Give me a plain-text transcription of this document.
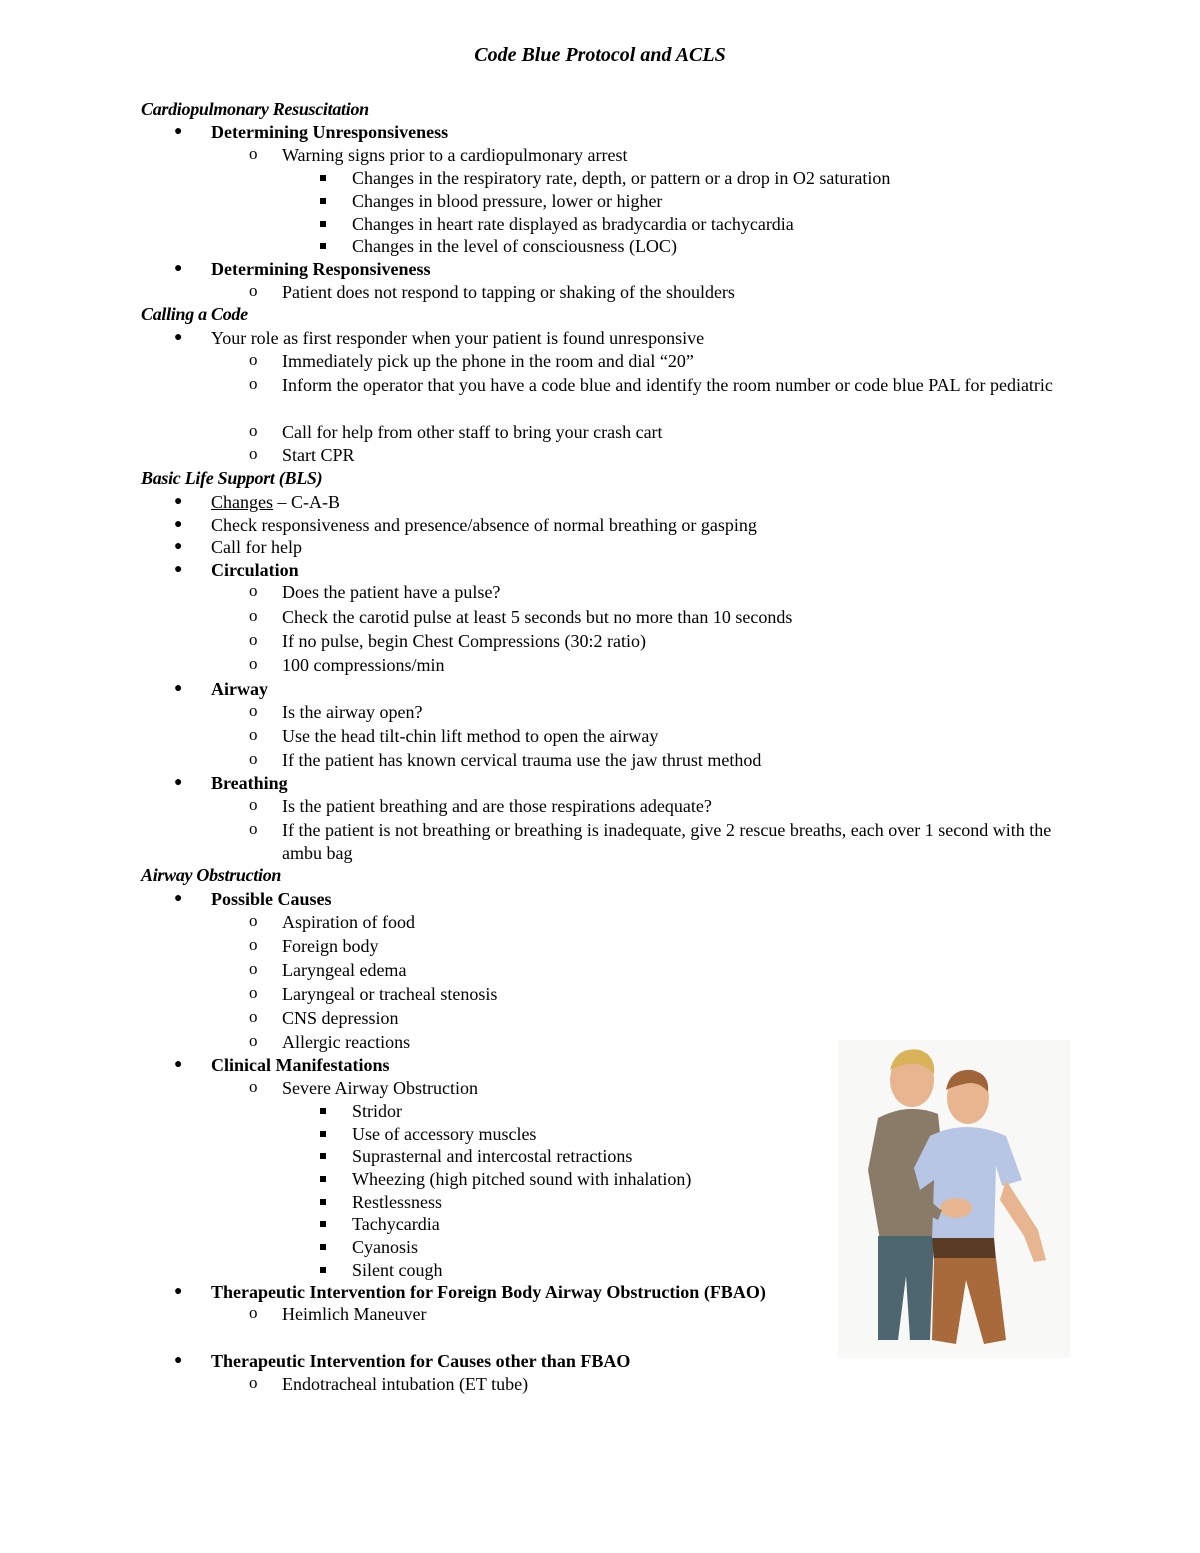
Code Blue Protocol and ACLS
Cardiopulmonary Resuscitation
● Determining Unresponsiveness
o Warning signs prior to a cardiopulmonary arrest
Changes in the respiratory rate, depth, or pattern or a drop in O2 saturation
Changes in blood pressure, lower or higher
Changes in heart rate displayed as bradycardia or tachycardia
Changes in the level of consciousness (LOC)
● Determining Responsiveness
o Patient does not respond to tapping or shaking of the shoulders
Calling a Code
● Your role as first responder when your patient is found unresponsive
o Immediately pick up the phone in the room and dial “20”
o Inform the operator that you have a code blue and identify the room number or code blue PAL for pediatric
o Call for help from other staff to bring your crash cart
o Start CPR
Basic Life Support (BLS)
● Changes – C-A-B
● Check responsiveness and presence/absence of normal breathing or gasping
● Call for help
● Circulation
o Does the patient have a pulse?
o Check the carotid pulse at least 5 seconds but no more than 10 seconds
o If no pulse, begin Chest Compressions (30:2 ratio)
o 100 compressions/min
● Airway
o Is the airway open?
o Use the head tilt-chin lift method to open the airway
o If the patient has known cervical trauma use the jaw thrust method
● Breathing
o Is the patient breathing and are those respirations adequate?
o If the patient is not breathing or breathing is inadequate, give 2 rescue breaths, each over 1 second with the ambu bag
Airway Obstruction
● Possible Causes
o Aspiration of food
o Foreign body
o Laryngeal edema
o Laryngeal or tracheal stenosis
o CNS depression
o Allergic reactions
● Clinical Manifestations
o Severe Airway Obstruction
Stridor
Use of accessory muscles
Suprasternal and intercostal retractions
Wheezing (high pitched sound with inhalation)
Restlessness
Tachycardia
Cyanosis
Silent cough
● Therapeutic Intervention for Foreign Body Airway Obstruction (FBAO)
o Heimlich Maneuver
● Therapeutic Intervention for Causes other than FBAO
o Endotracheal intubation (ET tube)
